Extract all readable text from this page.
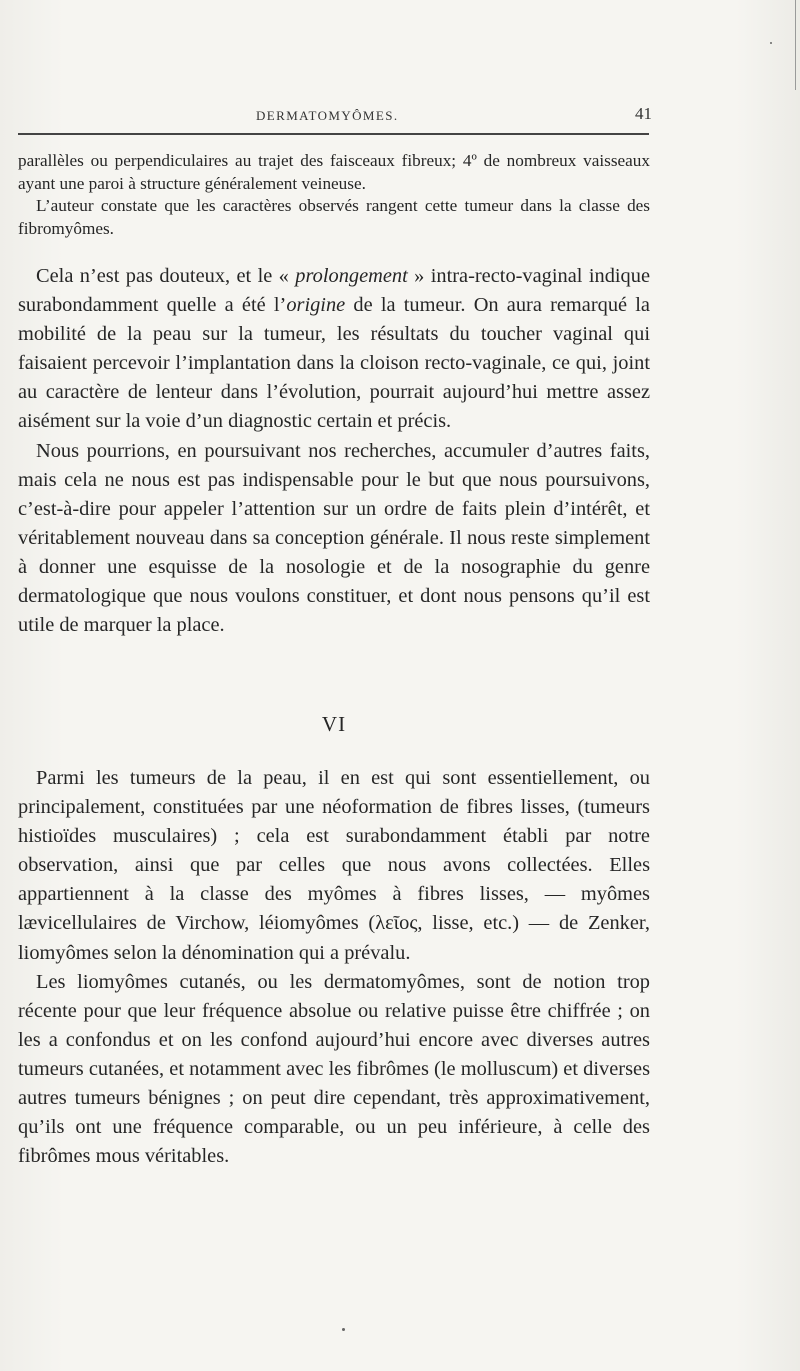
DERMATOMYÔMES.	41

parallèles ou perpendiculaires au trajet des faisceaux fibreux; 4º de nombreux vaisseaux ayant une paroi à structure généralement veineuse.

L’auteur constate que les caractères observés rangent cette tumeur dans la classe des fibromyômes.

Cela n’est pas douteux, et le « prolongement » intra-recto-vaginal indique surabondamment quelle a été l’origine de la tumeur. On aura remarqué la mobilité de la peau sur la tumeur, les résultats du toucher vaginal qui faisaient percevoir l’implantation dans la cloison recto-vaginale, ce qui, joint au caractère de lenteur dans l’évolution, pourrait aujourd’hui mettre assez aisément sur la voie d’un diagnostic certain et précis.

Nous pourrions, en poursuivant nos recherches, accumuler d’autres faits, mais cela ne nous est pas indispensable pour le but que nous poursuivons, c’est-à-dire pour appeler l’attention sur un ordre de faits plein d’intérêt, et véritablement nouveau dans sa conception générale. Il nous reste simplement à donner une esquisse de la nosologie et de la nosographie du genre dermatologique que nous voulons constituer, et dont nous pensons qu’il est utile de marquer la place.

VI

Parmi les tumeurs de la peau, il en est qui sont essentiellement, ou principalement, constituées par une néoformation de fibres lisses, (tumeurs histioïdes musculaires) ; cela est surabondamment établi par notre observation, ainsi que par celles que nous avons collectées. Elles appartiennent à la classe des myômes à fibres lisses, — myômes lævicellulaires de Virchow, léiomyômes (λεῖος, lisse, etc.) — de Zenker, liomyômes selon la dénomination qui a prévalu.

Les liomyômes cutanés, ou les dermatomyômes, sont de notion trop récente pour que leur fréquence absolue ou relative puisse être chiffrée ; on les a confondus et on les confond aujourd’hui encore avec diverses autres tumeurs cutanées, et notamment avec les fibrômes (le molluscum) et diverses autres tumeurs bénignes ; on peut dire cependant, très approximativement, qu’ils ont une fréquence comparable, ou un peu inférieure, à celle des fibrômes mous véritables.
